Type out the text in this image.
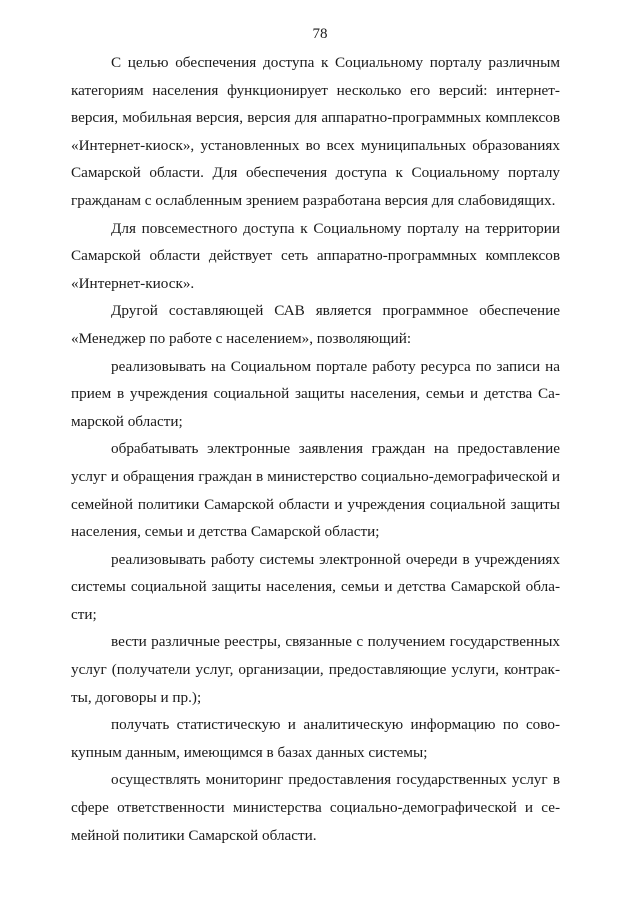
78

С целью обеспечения доступа к Социальному порталу различным категориям населения функционирует несколько его версий: интернет-версия, мобильная версия, версия для аппаратно-программных комплексов «Интернет-киоск», установленных во всех муниципальных образованиях Самарской области. Для обеспечения доступа к Социальному порталу гражданам с ослабленным зрением разработана версия для слабовидящих.

Для повсеместного доступа к Социальному порталу на территории Самарской области действует сеть аппаратно-программных комплексов «Интернет-киоск».

Другой составляющей САВ является программное обеспечение «Менеджер по работе с населением», позволяющий:

реализовывать на Социальном портале работу ресурса по записи на прием в учреждения социальной защиты населения, семьи и детства Самарской области;

обрабатывать электронные заявления граждан на предоставление услуг и обращения граждан в министерство социально-демографической и семейной политики Самарской области и учреждения социальной защиты населения, семьи и детства Самарской области;

реализовывать работу системы электронной очереди в учреждениях системы социальной защиты населения, семьи и детства Самарской области;

вести различные реестры, связанные с получением государственных услуг (получатели услуг, организации, предоставляющие услуги, контракты, договоры и пр.);

получать статистическую и аналитическую информацию по совокупным данным, имеющимся в базах данных системы;

осуществлять мониторинг предоставления государственных услуг в сфере ответственности министерства социально-демографической и семейной политики Самарской области.
